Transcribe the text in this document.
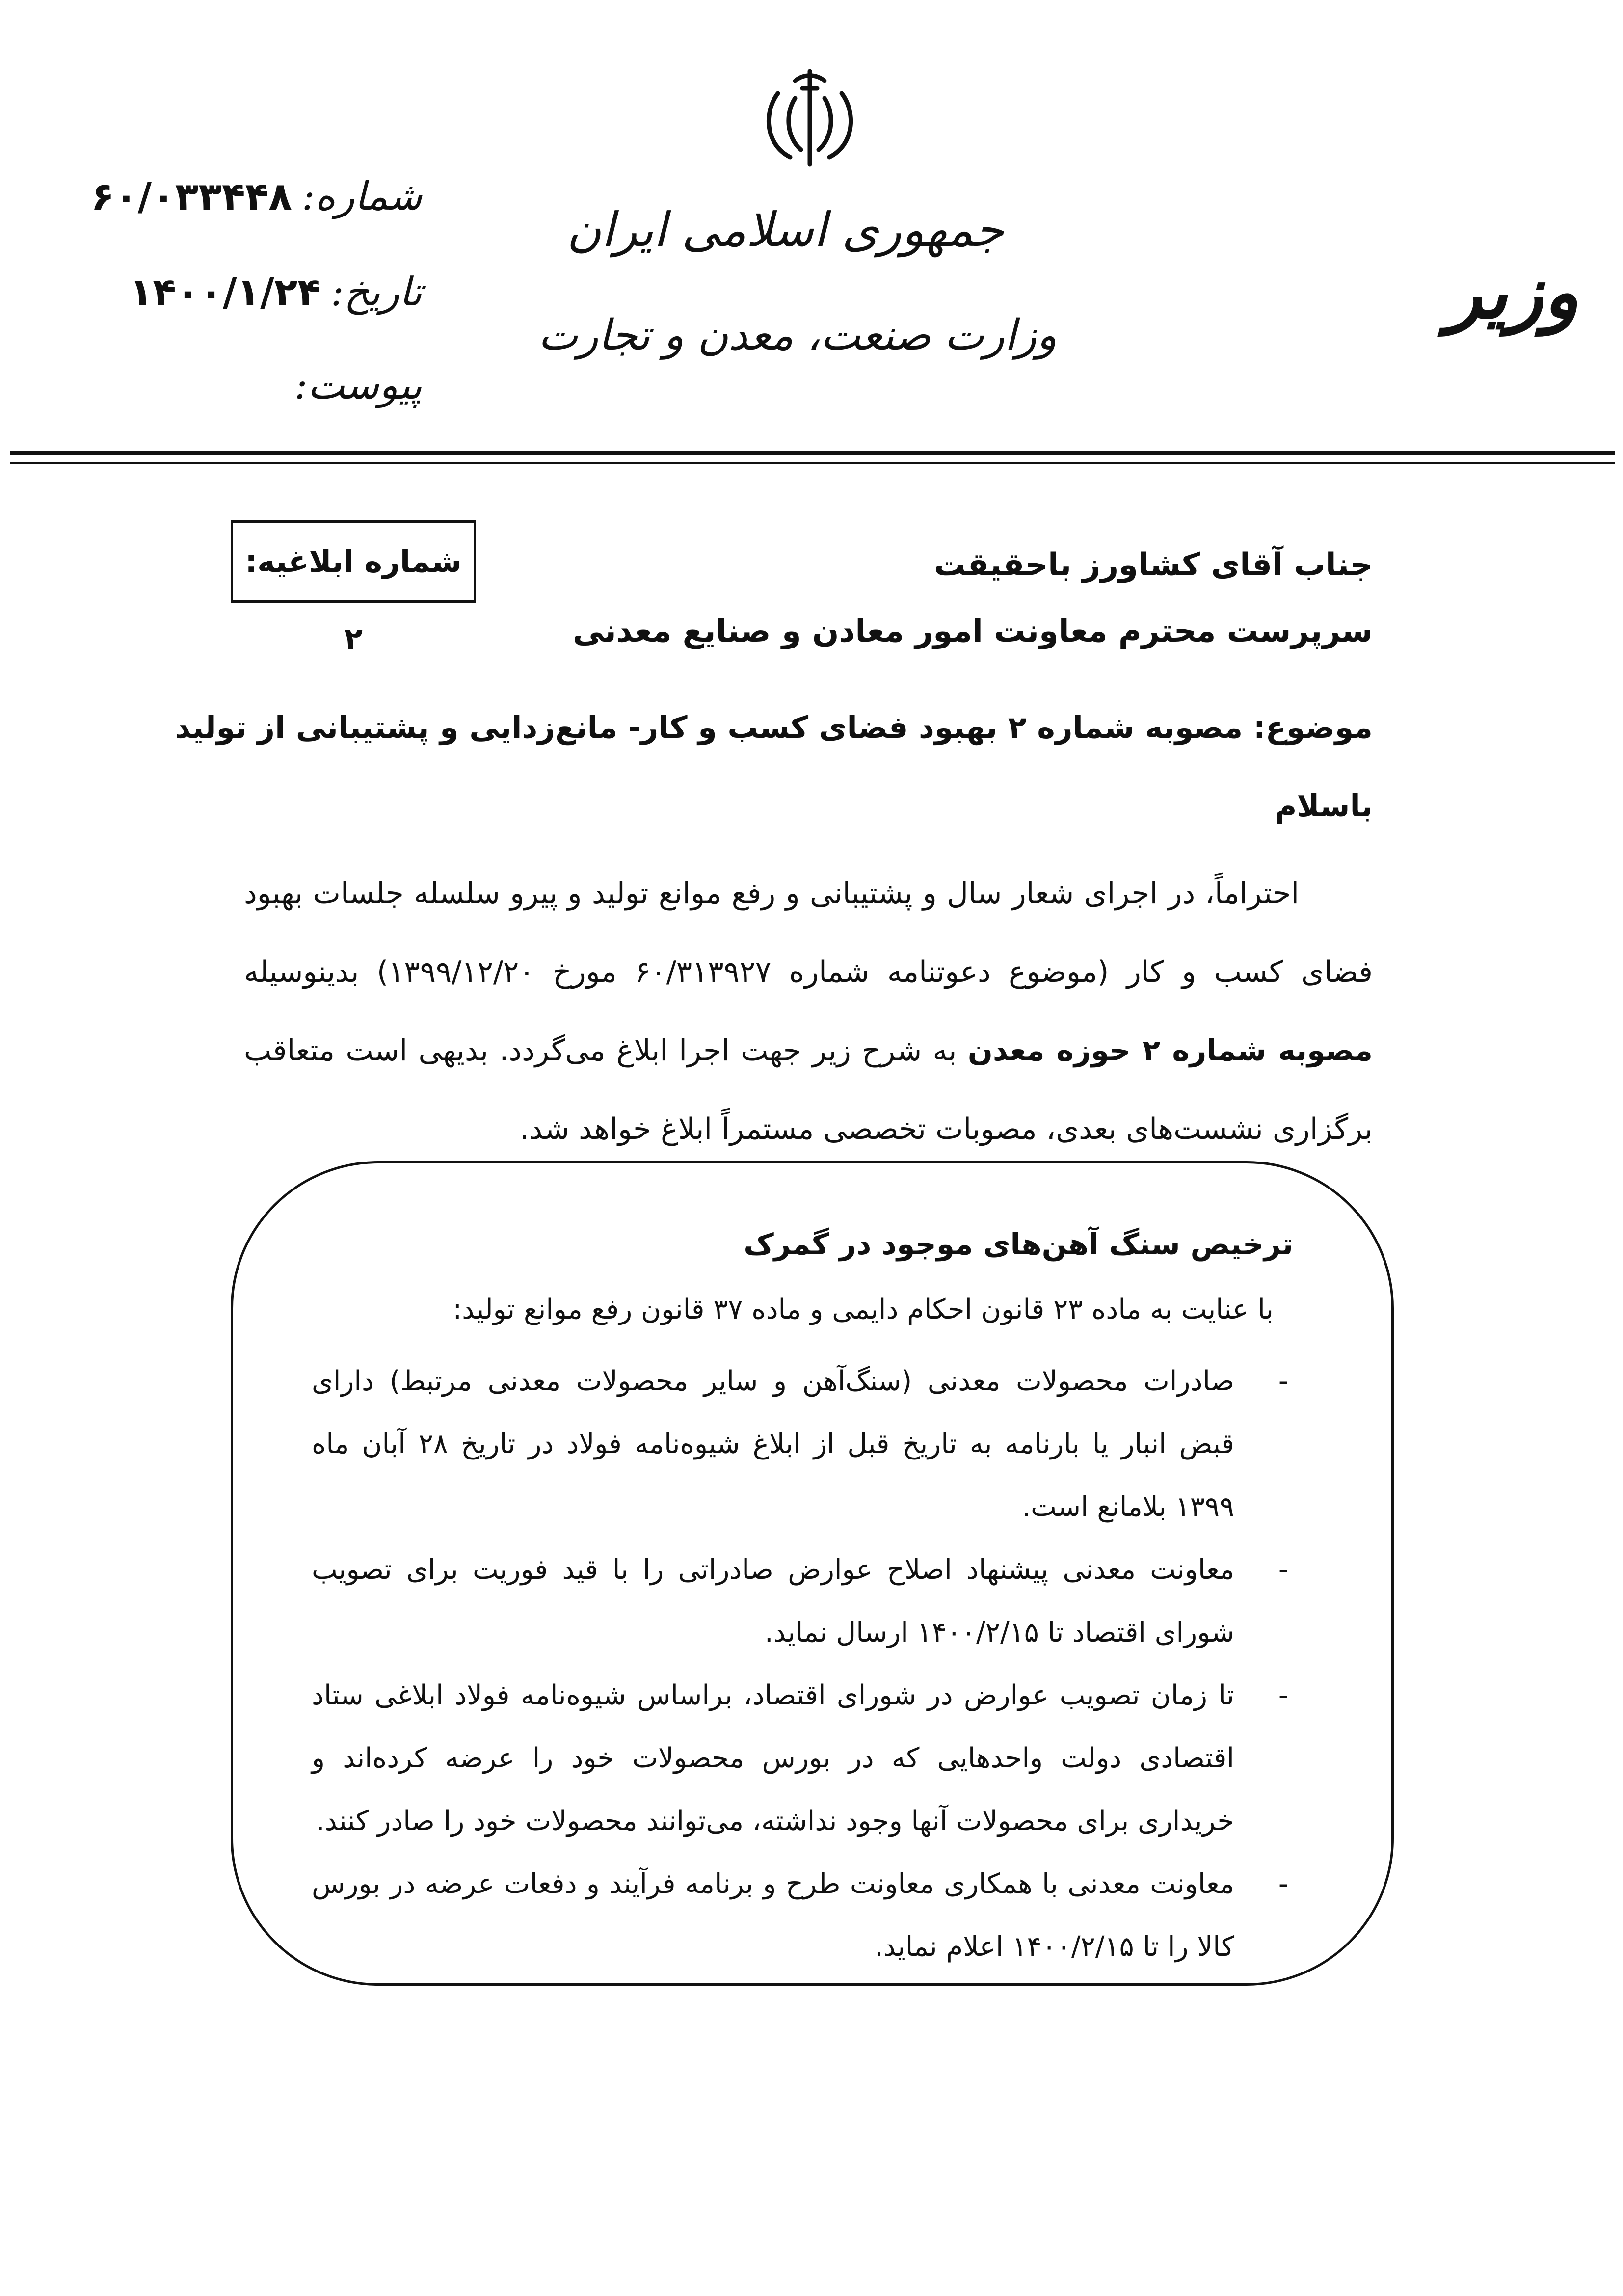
جمهوری اسلامی ایران
وزارت صنعت، معدن و تجارت	وزیر
شماره:۶۰/۰۳۳۴۴۸
تاریخ:۱۴۰۰/۱/۲۴
پیوست:
شماره ابلاغیه: ۲
جناب آقای کشاورز باحقیقت
سرپرست محترم معاونت امور معادن و صنایع معدنی
موضوع: مصوبه شماره ۲ بهبود فضای کسب و کار- مانع‌زدایی و پشتیبانی از تولید
باسلام
احتراماً، در اجرای شعار سال و پشتیبانی و رفع موانع تولید و پیرو سلسله جلسات بهبود فضای کسب و کار (موضوع دعوتنامه شماره ۶۰/۳۱۳۹۲۷ مورخ ۱۳۹۹/۱۲/۲۰) بدینوسیله مصوبه شماره ۲ حوزه معدن به شرح زیر جهت اجرا ابلاغ می‌گردد. بدیهی است متعاقب برگزاری نشست‌های بعدی، مصوبات تخصصی مستمراً ابلاغ خواهد شد.
ترخیص سنگ آهن‌های موجود در گمرک
با عنایت به ماده ۲۳ قانون احکام دایمی و ماده ۳۷ قانون رفع موانع تولید:
-
صادرات محصولات معدنی (سنگ‌آهن و سایر محصولات معدنی مرتبط) دارای قبض انبار یا بارنامه به تاریخ قبل از ابلاغ شیوه‌نامه فولاد در تاریخ ۲۸ آبان ماه ۱۳۹۹ بلامانع است.
-
معاونت معدنی پیشنهاد اصلاح عوارض صادراتی را با قید فوریت برای تصویب شورای اقتصاد تا ۱۴۰۰/۲/۱۵ ارسال نماید.
-
تا زمان تصویب عوارض در شورای اقتصاد، براساس شیوه‌نامه فولاد ابلاغی ستاد اقتصادی دولت واحدهایی که در بورس محصولات خود را عرضه کرده‌اند و خریداری برای محصولات آنها وجود نداشته، می‌توانند محصولات خود را صادر کنند.
-
معاونت معدنی با همکاری معاونت طرح و برنامه فرآیند و دفعات عرضه در بورس کالا را تا ۱۴۰۰/۲/۱۵ اعلام نماید.
